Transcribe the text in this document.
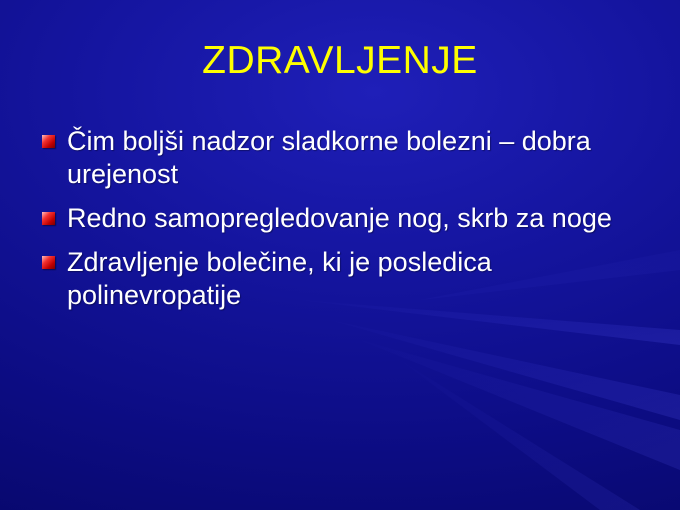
ZDRAVLJENJE
Čim boljši nadzor sladkorne bolezni – dobra urejenost
Redno samopregledovanje nog, skrb za noge
Zdravljenje bolečine, ki je posledica polinevropatije
